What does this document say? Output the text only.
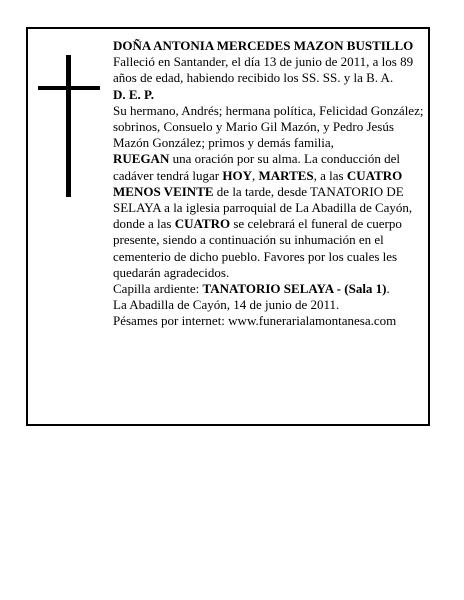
DOÑA ANTONIA MERCEDES MAZON BUSTILLO

Falleció en Santander, el día 13 de junio de 2011, a los 89 años de edad, habiendo recibido los SS. SS. y la B. A.

D. E. P.

Su hermano, Andrés; hermana política, Felicidad González; sobrinos, Consuelo y Mario Gil Mazón, y Pedro Jesús Mazón González; primos y demás familia,

RUEGAN una oración por su alma. La conducción del cadáver tendrá lugar HOY, MARTES, a las CUATRO MENOS VEINTE de la tarde, desde TANATORIO DE SELAYA a la iglesia parroquial de La Abadilla de Cayón, donde a las CUATRO se celebrará el funeral de cuerpo presente, siendo a continuación su inhumación en el cementerio de dicho pueblo. Favores por los cuales les quedarán agradecidos.

Capilla ardiente: TANATORIO SELAYA - (Sala 1).

La Abadilla de Cayón, 14 de junio de 2011.

Pésames por internet: www.funerarialamontanesa.com
